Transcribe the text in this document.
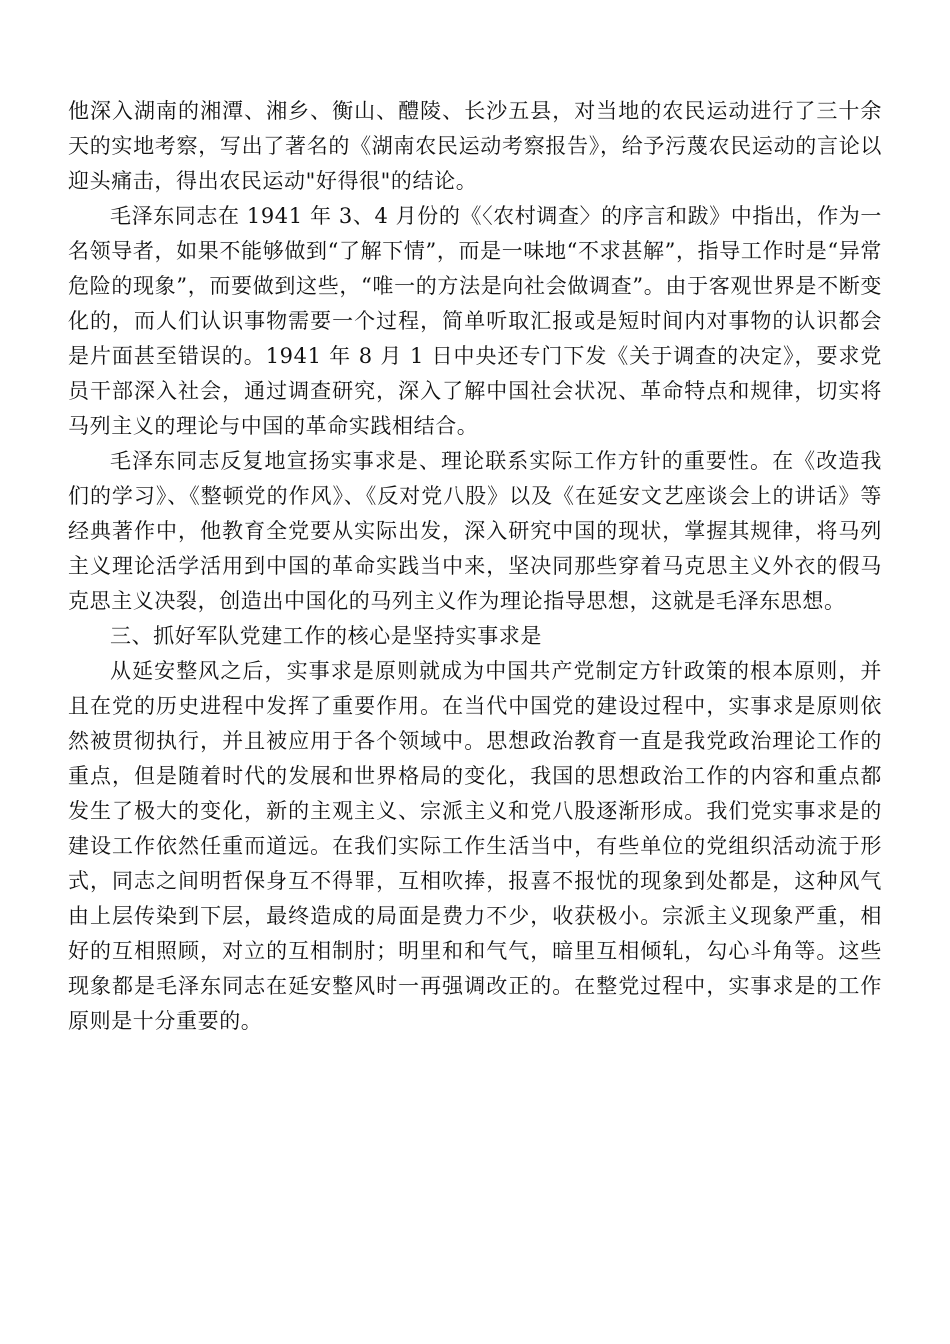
他深入湖南的湘潭、湘乡、衡山、醴陵、长沙五县，对当地的农民运动进行了三十余天的实地考察，写出了著名的《湖南农民运动考察报告》，给予污蔑农民运动的言论以迎头痛击，得出农民运动"好得很"的结论。

毛泽东同志在 1941 年 3、4 月份的《〈农村调查〉的序言和跋》中指出，作为一名领导者，如果不能够做到“了解下情”，而是一味地“不求甚解”，指导工作时是“异常危险的现象”，而要做到这些，“唯一的方法是向社会做调查”。由于客观世界是不断变化的，而人们认识事物需要一个过程，简单听取汇报或是短时间内对事物的认识都会是片面甚至错误的。1941 年 8 月 1 日中央还专门下发《关于调查的决定》，要求党员干部深入社会，通过调查研究，深入了解中国社会状况、革命特点和规律，切实将马列主义的理论与中国的革命实践相结合。

毛泽东同志反复地宣扬实事求是、理论联系实际工作方针的重要性。在《改造我们的学习》、《整顿党的作风》、《反对党八股》以及《在延安文艺座谈会上的讲话》等经典著作中，他教育全党要从实际出发，深入研究中国的现状，掌握其规律，将马列主义理论活学活用到中国的革命实践当中来，坚决同那些穿着马克思主义外衣的假马克思主义决裂，创造出中国化的马列主义作为理论指导思想，这就是毛泽东思想。

三、抓好军队党建工作的核心是坚持实事求是

从延安整风之后，实事求是原则就成为中国共产党制定方针政策的根本原则，并且在党的历史进程中发挥了重要作用。在当代中国党的建设过程中，实事求是原则依然被贯彻执行，并且被应用于各个领域中。思想政治教育一直是我党政治理论工作的重点，但是随着时代的发展和世界格局的变化，我国的思想政治工作的内容和重点都发生了极大的变化，新的主观主义、宗派主义和党八股逐渐形成。我们党实事求是的建设工作依然任重而道远。在我们实际工作生活当中，有些单位的党组织活动流于形式，同志之间明哲保身互不得罪，互相吹捧，报喜不报忧的现象到处都是，这种风气由上层传染到下层，最终造成的局面是费力不少，收获极小。宗派主义现象严重，相好的互相照顾，对立的互相制肘；明里和和气气，暗里互相倾轧，勾心斗角等。这些现象都是毛泽东同志在延安整风时一再强调改正的。在整党过程中，实事求是的工作原则是十分重要的。
